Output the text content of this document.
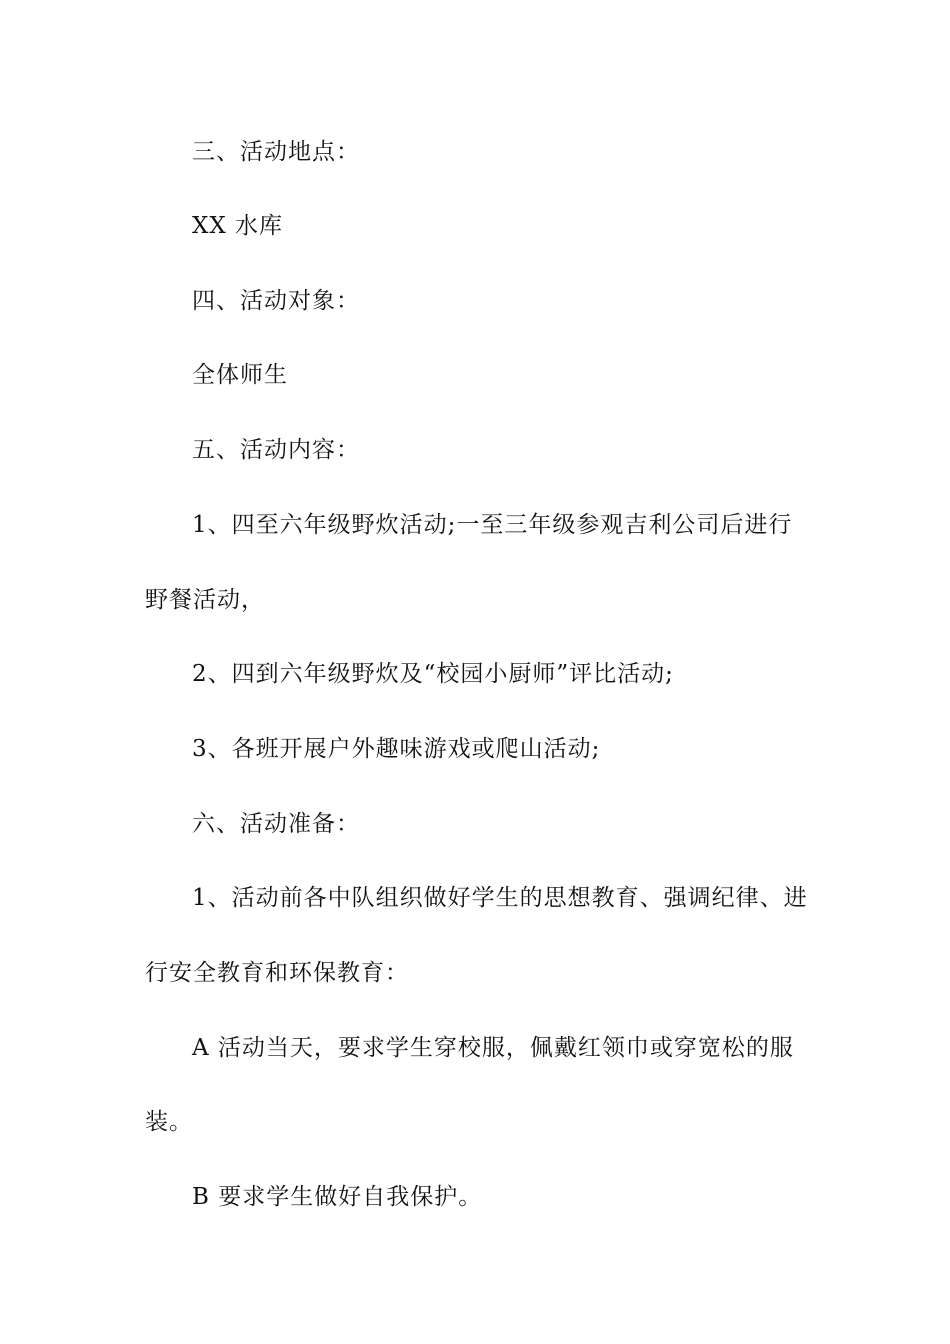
三、活动地点：
XX 水库
四、活动对象：
全体师生
五、活动内容：
1、四至六年级野炊活动;一至三年级参观吉利公司后进行
野餐活动，
2、四到六年级野炊及“校园小厨师”评比活动;
3、各班开展户外趣味游戏或爬山活动;
六、活动准备：
1、活动前各中队组织做好学生的思想教育、强调纪律、进
行安全教育和环保教育：
A 活动当天，要求学生穿校服，佩戴红领巾或穿宽松的服
装。
B 要求学生做好自我保护。
